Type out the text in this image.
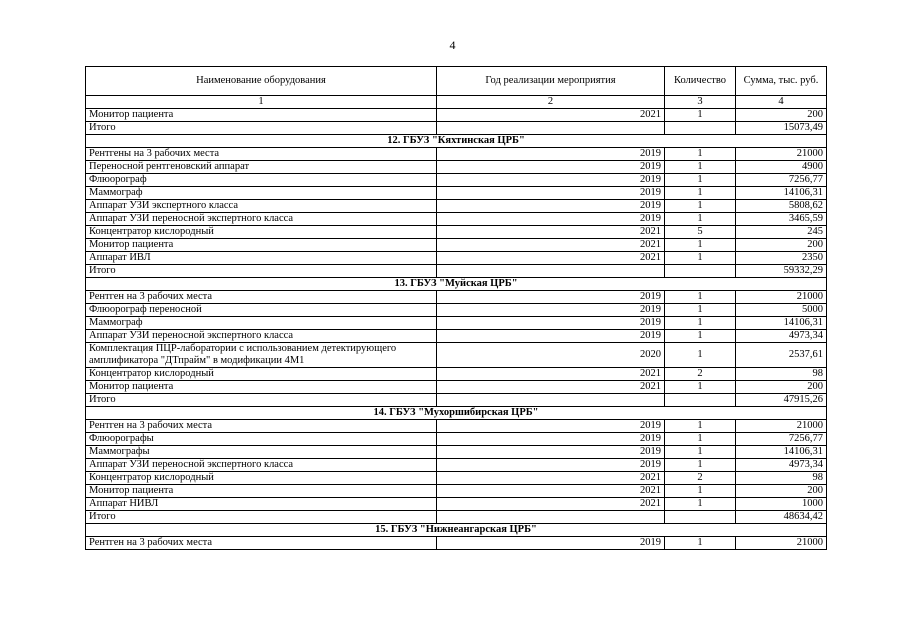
4
Наименование оборудования	Год реализации мероприятия	Количество	Сумма, тыс. руб.
1	2	3	4
Монитор пациента	2021	1	200
Итого			15073,49
12. ГБУЗ "Кяхтинская ЦРБ"			
Рентгены на 3 рабочих места	2019	1	21000
Переносной рентгеновский аппарат	2019	1	4900
Флюорограф	2019	1	7256,77
Маммограф	2019	1	14106,31
Аппарат УЗИ экспертного класса	2019	1	5808,62
Аппарат УЗИ переносной экспертного класса	2019	1	3465,59
Концентратор кислородный	2021	5	245
Монитор пациента	2021	1	200
Аппарат ИВЛ	2021	1	2350
Итого			59332,29
13. ГБУЗ "Муйская ЦРБ"			
Рентген на 3 рабочих места	2019	1	21000
Флюорограф переносной	2019	1	5000
Маммограф	2019	1	14106,31
Аппарат УЗИ переносной экспертного класса	2019	1	4973,34
Комплектация ПЦР-лаборатории с использованием детектирующего амплификатора "ДТпрайм" в модификации 4М1	2020	1	2537,61
Концентратор кислородный	2021	2	98
Монитор пациента	2021	1	200
Итого			47915,26
14. ГБУЗ "Мухоршибирская ЦРБ"			
Рентген на 3 рабочих места	2019	1	21000
Флюорографы	2019	1	7256,77
Маммографы	2019	1	14106,31
Аппарат УЗИ переносной экспертного класса	2019	1	4973,34
Концентратор кислородный	2021	2	98
Монитор пациента	2021	1	200
Аппарат НИВЛ	2021	1	1000
Итого			48634,42
15. ГБУЗ "Нижнеангарская ЦРБ"			
Рентген на 3 рабочих места	2019	1	21000
